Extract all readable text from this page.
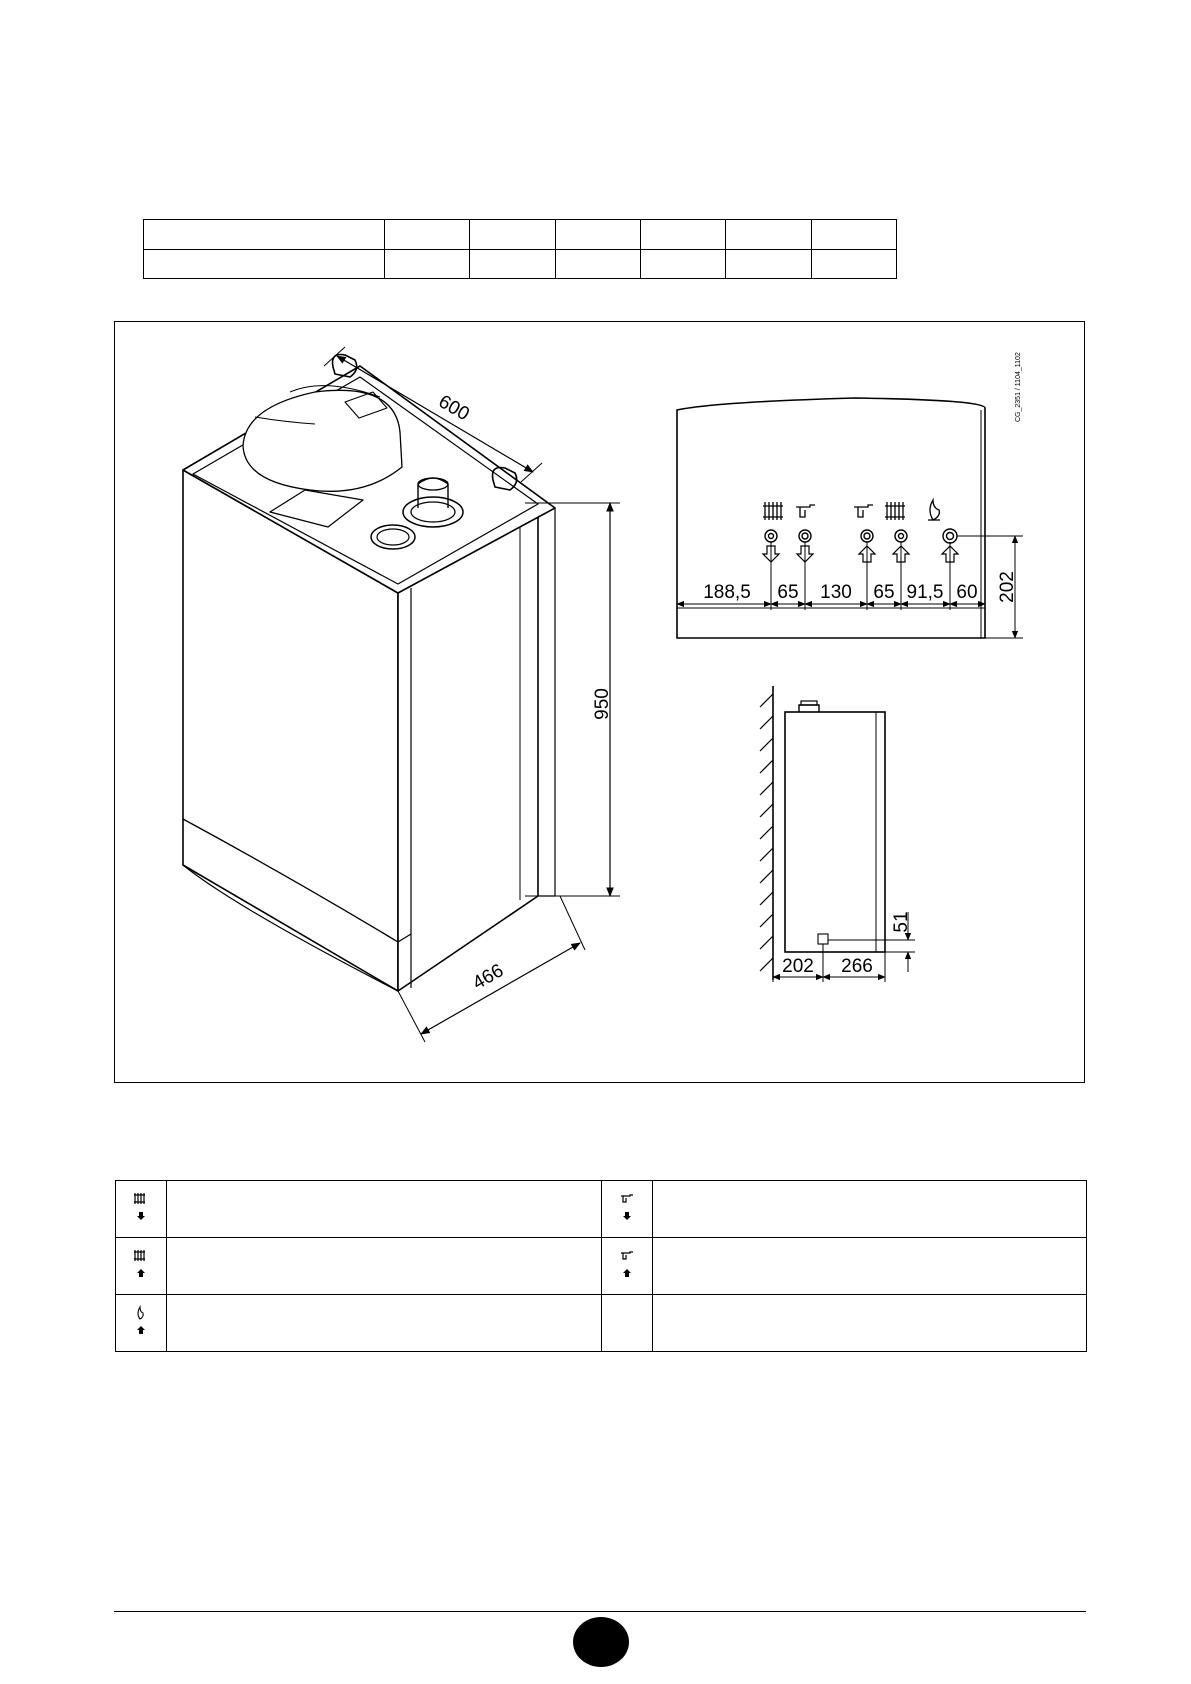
600
950
466
CG_2351 / 1104_1102
188,5 65 130 65 91,5 60 202
202 266
51
